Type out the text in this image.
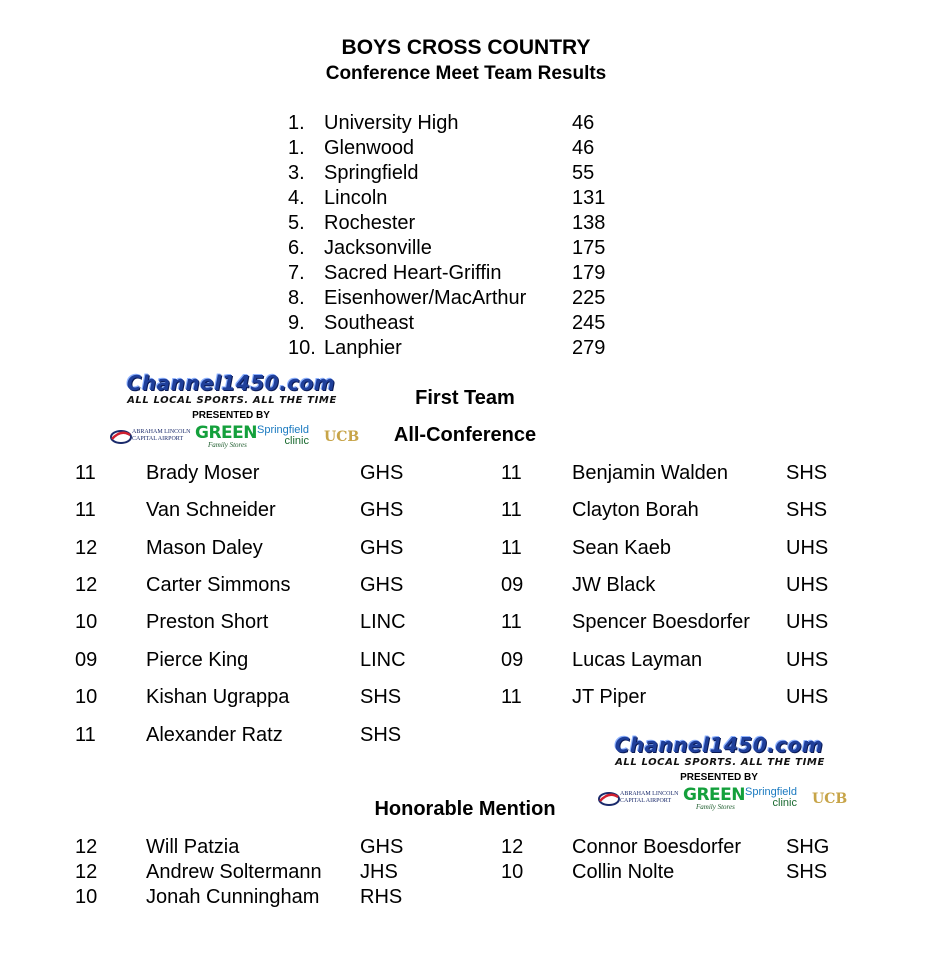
BOYS CROSS COUNTRY
Conference Meet Team Results
1. University High	46
1. Glenwood	46
3. Springfield	55
4. Lincoln	131
5. Rochester	138
6. Jacksonville	175
7. Sacred Heart-Griffin	179
8. Eisenhower/MacArthur 225
9. Southeast	245
10. Lanphier	279
Channel1450.com
ALL LOCAL SPORTS. ALL THE TIME
PRESENTED BY
ABRAHAM LINCOLN
CAPITAL AIRPORT GREEN
Family Stores
Springfield
clinic UCB
First Team
All-Conference
11	Brady Moser	GHS
11	Van Schneider	GHS
12 Mason Daley	GHS
12 Carter Simmons	GHS
10 Preston Short	LINC
09 Pierce King	LINC
10 Kishan Ugrappa	SHS
11	Alexander Ratz	SHS
11	Benjamin Walden	SHS
11	Clayton Borah	SHS
11	Sean Kaeb	UHS
09 JW Black	UHS
11	Spencer Boesdorfer UHS
09 Lucas Layman	UHS
11	JT Piper	UHS
Channel1450.com
ALL LOCAL SPORTS. ALL THE TIME
PRESENTED BY
ABRAHAM LINCOLN
CAPITAL AIRPORT GREEN
Family Stores
Springfield
clinic UCB
Honorable Mention
12 Will Patzia	GHS
12 Andrew Soltermann JHS
10 Jonah Cunningham RHS
12 Connor Boesdorfer SHG
10 Collin Nolte	SHS
